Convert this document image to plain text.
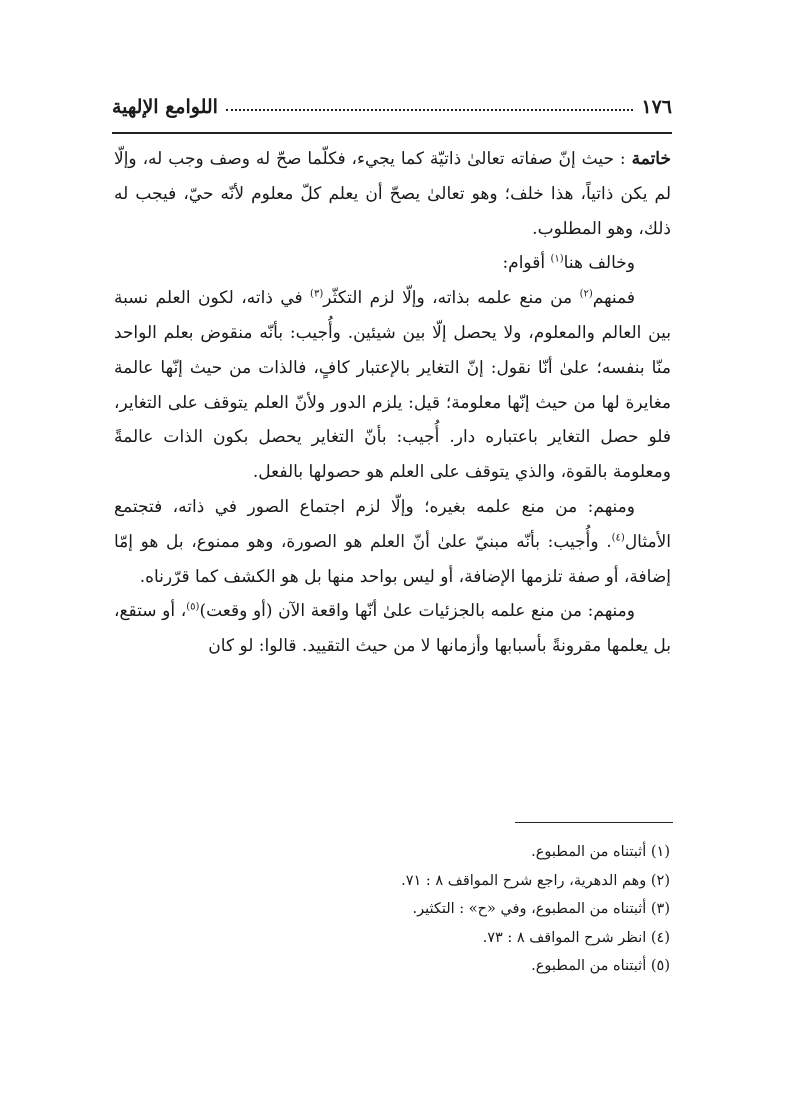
١٧٦
اللوامع الإلهية

خاتمة : حيث إنّ صفاته تعالىٰ ذاتيّة كما يجيء، فكلّما صحّ له وصف وجب له، وإلّا لم يكن ذاتياً، هذا خلف؛ وهو تعالىٰ يصحّ أن يعلم كلّ معلوم لأنّه حيّ، فيجب له ذلك، وهو المطلوب.

وخالف هنا$^{(١)}$ أقوام:

فمنهم$^{(٢)}$ من منع علمه بذاته، وإلّا لزم التكثّر$^{(٣)}$ في ذاته، لكون العلم نسبة بين العالم والمعلوم، ولا يحصل إلّا بين شيئين. وأُجيب: بأنّه منقوض بعلم الواحد منّا بنفسه؛ علىٰ أنّا نقول: إنّ التغاير بالإعتبار كافٍ، فالذات من حيث إنّها عالمة مغايرة لها من حيث إنّها معلومة؛ قيل: يلزم الدور ولأنّ العلم يتوقف على التغاير، فلو حصل التغاير باعتباره دار. أُجيب: بأنّ التغاير يحصل بكون الذات عالمةً ومعلومة بالقوة، والذي يتوقف على العلم هو حصولها بالفعل.

ومنهم: من منع علمه بغيره؛ وإلّا لزم اجتماع الصور في ذاته، فتجتمع الأمثال$^{(٤)}$. وأُجيب: بأنّه مبنيّ علىٰ أنّ العلم هو الصورة، وهو ممنوع، بل هو إمّا إضافة، أو صفة تلزمها الإضافة، أو ليس بواحد منها بل هو الكشف كما قرّرناه.

ومنهم: من منع علمه بالجزئيات علىٰ أنّها واقعة الآن (أو وقعت)$^{(٥)}$، أو ستقع، بل يعلمها مقرونةً بأسبابها وأزمانها لا من حيث التقييد. قالوا: لو كان

(١) أثبتناه من المطبوع.

(٢) وهم الدهرية، راجع شرح المواقف ٨ : ٧١.

(٣) أثبتناه من المطبوع، وفي «ح» : التكثير.

(٤) انظر شرح المواقف ٨ : ٧٣.

(٥) أثبتناه من المطبوع.
